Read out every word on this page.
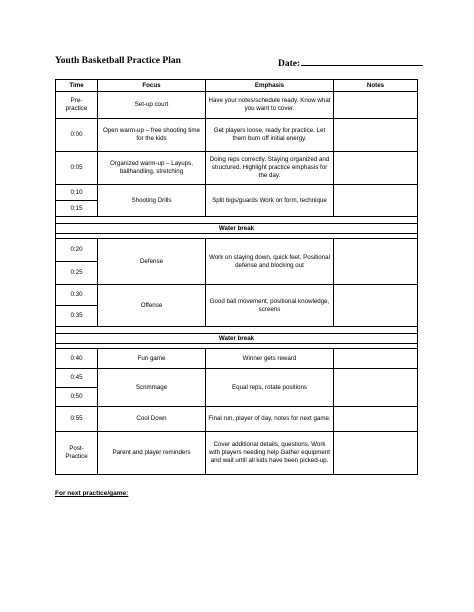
Youth Basketball Practice Plan	Date:
Time	Focus	Emphasis	Notes
Pre-practice	Set-up court	Have your notes/schedule ready. Know what you want to cover.	
0:00	Open warm-up – free shooting time for the kids	Get players loose, ready for practice. Let them burn off initial energy.	
0:05	Organized warm-up – Layups, ballhandling, stretching	Doing reps correctly. Staying organized and structured. Highlight practice emphasis for the day.	
0:10	Shooting Drills	Split bigs/guards Work on form, technique	
0:15			

Water break			

0:20	Defense	Work on staying down, quick feet. Positional defense and blocking out	
0:25			
0:30	Offense	Good ball movement, positional knowledge, screens	
0:35			

Water break			

0:40	Fun game	Winner gets reward	
0:45	Scrimmage	Equal reps, rotate positions	
0:50			
0:55	Cool Down	Final run, player of day, notes for next game.	
Post-Practice	Parent and player reminders	Cover additional details, questions. Work with players needing help Gather equipment and wait until all kids have been picked-up.	
For next practice/game:
